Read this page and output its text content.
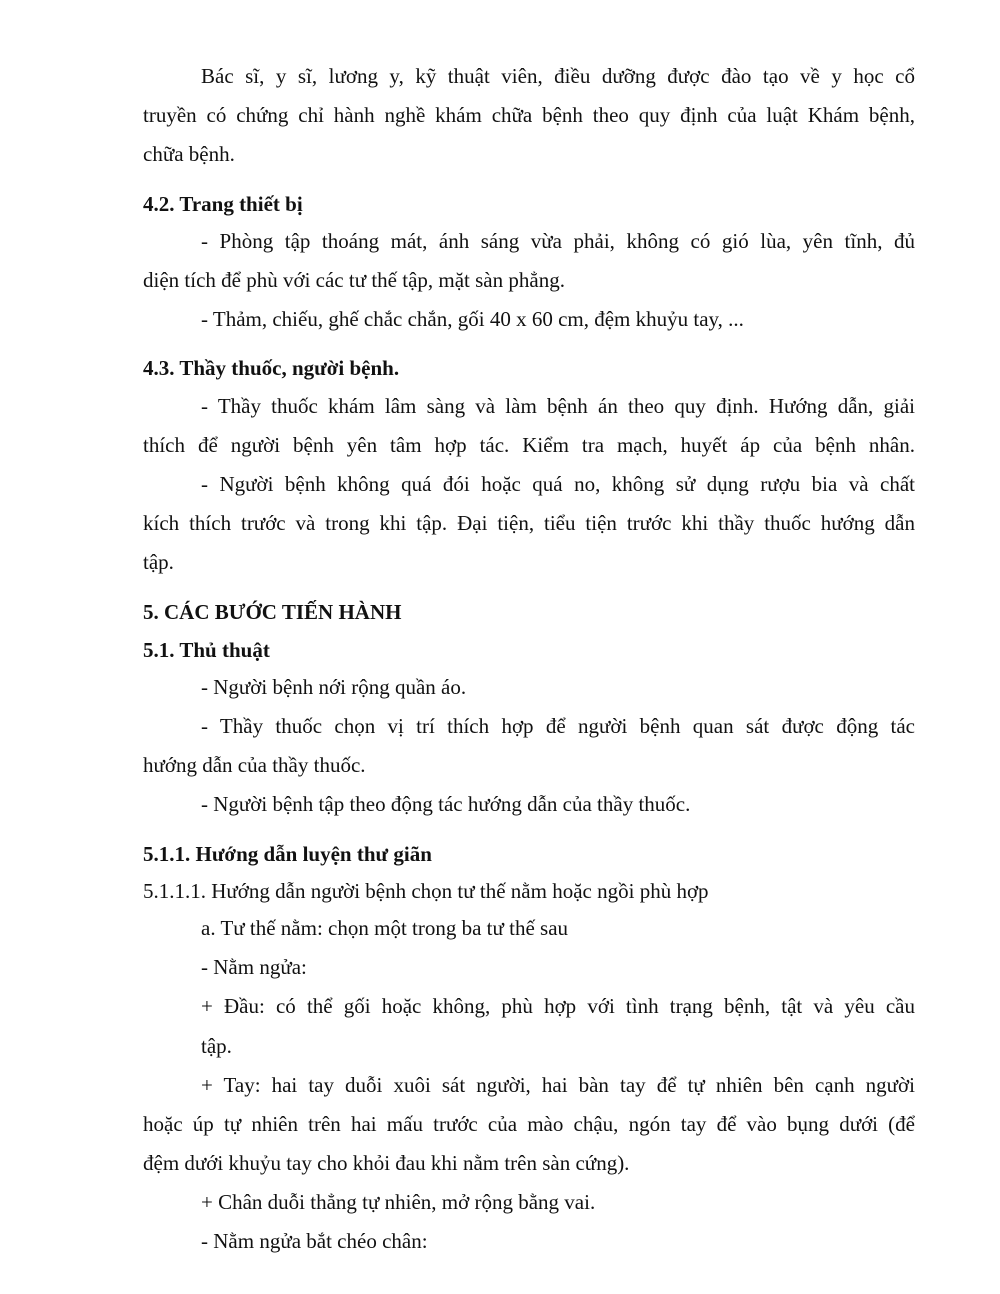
Bác sĩ, y sĩ, lương y, kỹ thuật viên, điều dưỡng được đào tạo về y học cổ
truyền có chứng chỉ hành nghề khám chữa bệnh theo quy định của luật Khám bệnh,
chữa bệnh.
4.2. Trang thiết bị
- Phòng tập thoáng mát, ánh sáng vừa phải, không có gió lùa, yên tĩnh, đủ
diện tích để phù với các tư thế tập, mặt sàn phẳng.
- Thảm, chiếu, ghế chắc chắn, gối 40 x 60 cm, đệm khuỷu tay, ...
4.3. Thầy thuốc, người bệnh.
- Thầy thuốc khám lâm sàng và làm bệnh án theo quy định. Hướng dẫn, giải
thích để người bệnh yên tâm hợp tác. Kiểm tra mạch, huyết áp của bệnh nhân.
- Người bệnh không quá đói hoặc quá no, không sử dụng rượu bia và chất
kích thích trước và trong khi tập. Đại tiện, tiểu tiện trước khi thầy thuốc hướng dẫn
tập.
5. CÁC BƯỚC TIẾN HÀNH
5.1. Thủ thuật
- Người bệnh nới rộng quần áo.
- Thầy thuốc chọn vị trí thích hợp để người bệnh quan sát được động tác
hướng dẫn của thầy thuốc.
- Người bệnh tập theo động tác hướng dẫn của thầy thuốc.
5.1.1. Hướng dẫn luyện thư giãn
5.1.1.1. Hướng dẫn người bệnh chọn tư thế nằm hoặc ngồi phù hợp
a. Tư thế nằm: chọn một trong ba tư thế sau
- Nằm ngửa:
+ Đầu: có thể gối hoặc không, phù hợp với tình trạng bệnh, tật và yêu cầu
tập.
+ Tay: hai tay duỗi xuôi sát người, hai bàn tay để tự nhiên bên cạnh người
hoặc úp tự nhiên trên hai mấu trước của mào chậu, ngón tay để vào bụng dưới (để
đệm dưới khuỷu tay cho khỏi đau khi nằm trên sàn cứng).
+ Chân duỗi thẳng tự nhiên, mở rộng bằng vai.
- Nằm ngửa bắt chéo chân:
